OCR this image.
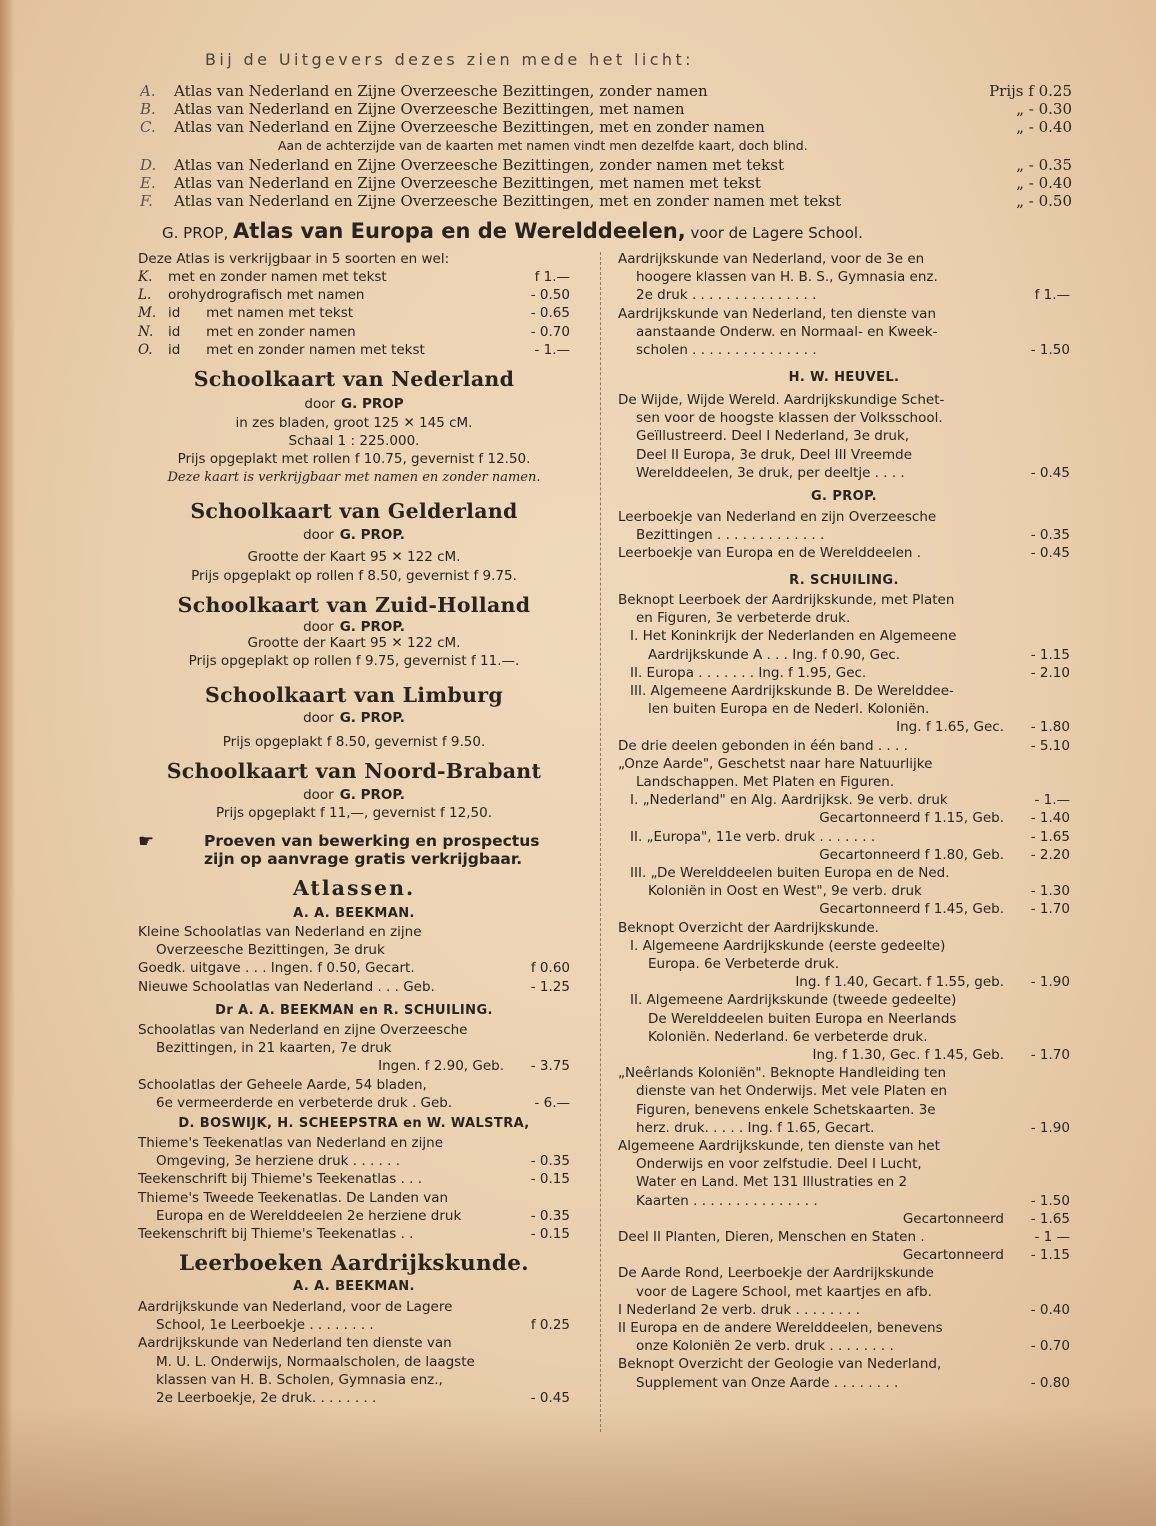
Bij de Uitgevers dezes zien mede het licht:
A. Atlas van Nederland en Zijne Overzeesche Bezittingen, zonder namen	Prijs f 0.25
B. Atlas van Nederland en Zijne Overzeesche Bezittingen, met namen	„ - 0.30
C. Atlas van Nederland en Zijne Overzeesche Bezittingen, met en zonder namen	„ - 0.40
D. Atlas van Nederland en Zijne Overzeesche Bezittingen, zonder namen met tekst	„ - 0.35
E. Atlas van Nederland en Zijne Overzeesche Bezittingen, met namen met tekst	„ - 0.40
F. Atlas van Nederland en Zijne Overzeesche Bezittingen, met en zonder namen met tekst	„ - 0.50
Aan de achterzijde van de kaarten met namen vindt men dezelfde kaart, doch blind.
G. PROP, Atlas van Europa en de Werelddeelen, voor de Lagere School.
Deze Atlas is verkrijgbaar in 5 soorten en wel:
K. met en zonder namen met tekst	f 1.—
L. orohydrografisch met namen	- 0.50
M. id      met namen met tekst	- 0.65
N. id      met en zonder namen	- 0.70
O. id      met en zonder namen met tekst	- 1.—
Schoolkaart van Nederland
door G. PROP
in zes bladen, groot 125 ✕ 145 cM.
Schaal 1 : 225.000.
Prijs opgeplakt met rollen f 10.75, gevernist f 12.50.
Deze kaart is verkrijgbaar met namen en zonder namen.
Schoolkaart van Gelderland
door G. PROP.
Grootte der Kaart 95 ✕ 122 cM.
Prijs opgeplakt op rollen f 8.50, gevernist f 9.75.
Schoolkaart van Zuid-Holland
door G. PROP.
Grootte der Kaart 95 ✕ 122 cM.
Prijs opgeplakt op rollen f 9.75, gevernist f 11.—.
Schoolkaart van Limburg
door G. PROP.
Prijs opgeplakt f 8.50, gevernist f 9.50.
Schoolkaart van Noord-Brabant
door G. PROP.
Prijs opgeplakt f 11,—, gevernist f 12,50.
☛	Proeven van bewerking en prospectus
zijn op aanvrage gratis verkrijgbaar.
Atlassen.
A. A. BEEKMAN.
Kleine Schoolatlas van Nederland en zijne
Overzeesche Bezittingen, 3e druk
Goedk. uitgave . . . Ingen. f 0.50, Gecart.	f 0.60
Nieuwe Schoolatlas van Nederland . . . Geb.	- 1.25
Dr A. A. BEEKMAN en R. SCHUILING.
Schoolatlas van Nederland en zijne Overzeesche
Bezittingen, in 21 kaarten, 7e druk
Ingen. f 2.90, Geb. - 3.75
Schoolatlas der Geheele Aarde, 54 bladen,
6e vermeerderde en verbeterde druk . Geb.	- 6.—
D. BOSWIJK, H. SCHEEPSTRA en W. WALSTRA,
Thieme's Teekenatlas van Nederland en zijne
Omgeving, 3e herziene druk . . . . . .	- 0.35
Teekenschrift bij Thieme's Teekenatlas . . .	- 0.15
Thieme's Tweede Teekenatlas. De Landen van
Europa en de Werelddeelen 2e herziene druk	- 0.35
Teekenschrift bij Thieme's Teekenatlas . .	- 0.15
Leerboeken Aardrijkskunde.
A. A. BEEKMAN.
Aardrijkskunde van Nederland, voor de Lagere
School, 1e Leerboekje . . . . . . . .	f 0.25
Aardrijkskunde van Nederland ten dienste van
M. U. L. Onderwijs, Normaalscholen, de laagste
klassen van H. B. Scholen, Gymnasia enz.,
2e Leerboekje, 2e druk. . . . . . . .	- 0.45
Aardrijkskunde van Nederland, voor de 3e en
hoogere klassen van H. B. S., Gymnasia enz.
2e druk . . . . . . . . . . . . . . .	f 1.—
Aardrijkskunde van Nederland, ten dienste van
aanstaande Onderw. en Normaal- en Kweek-
scholen . . . . . . . . . . . . . . .	- 1.50
H. W. HEUVEL.
De Wijde, Wijde Wereld. Aardrijkskundige Schet-
sen voor de hoogste klassen der Volksschool.
Geïllustreerd. Deel I Nederland, 3e druk,
Deel II Europa, 3e druk, Deel III Vreemde
Werelddeelen, 3e druk, per deeltje . . . .	- 0.45
G. PROP.
Leerboekje van Nederland en zijn Overzeesche
Bezittingen . . . . . . . . . . . . .	- 0.35
Leerboekje van Europa en de Werelddeelen .	- 0.45
R. SCHUILING.
Beknopt Leerboek der Aardrijkskunde, met Platen
en Figuren, 3e verbeterde druk.
I. Het Koninkrijk der Nederlanden en Algemeene
Aardrijkskunde A . . . Ing. f 0.90, Gec.	- 1.15
II. Europa . . . . . . . Ing. f 1.95, Gec.	- 2.10
III. Algemeene Aardrijkskunde B. De Werelddee-
len buiten Europa en de Nederl. Koloniën.
Ing. f 1.65, Gec. - 1.80
De drie deelen gebonden in één band . . . .	- 5.10
„Onze Aarde", Geschetst naar hare Natuurlijke
Landschappen. Met Platen en Figuren.
I. „Nederland" en Alg. Aardrijksk. 9e verb. druk	- 1.—
Gecartonneerd f 1.15, Geb. - 1.40
II. „Europa", 11e verb. druk . . . . . . .	- 1.65
Gecartonneerd f 1.80, Geb. - 2.20
III. „De Werelddeelen buiten Europa en de Ned.
Koloniën in Oost en West", 9e verb. druk	- 1.30
Gecartonneerd f 1.45, Geb. - 1.70
Beknopt Overzicht der Aardrijkskunde.
I. Algemeene Aardrijkskunde (eerste gedeelte)
Europa. 6e Verbeterde druk.
Ing. f 1.40, Gecart. f 1.55, geb. - 1.90
II. Algemeene Aardrijkskunde (tweede gedeelte)
De Werelddeelen buiten Europa en Neerlands
Koloniën. Nederland. 6e verbeterde druk.
Ing. f 1.30, Gec. f 1.45, Geb. - 1.70
„Neêrlands Koloniën". Beknopte Handleiding ten
dienste van het Onderwijs. Met vele Platen en
Figuren, benevens enkele Schetskaarten. 3e
herz. druk. . . . . Ing. f 1.65, Gecart.	- 1.90
Algemeene Aardrijkskunde, ten dienste van het
Onderwijs en voor zelfstudie. Deel I Lucht,
Water en Land. Met 131 Illustraties en 2
Kaarten . . . . . . . . . . . . . . .	- 1.50
Gecartonneerd - 1.65
Deel II Planten, Dieren, Menschen en Staten .	- 1 —
Gecartonneerd - 1.15
De Aarde Rond, Leerboekje der Aardrijkskunde
voor de Lagere School, met kaartjes en afb.
I Nederland 2e verb. druk . . . . . . . .	- 0.40
II Europa en de andere Werelddeelen, benevens
onze Koloniën 2e verb. druk . . . . . . . .	- 0.70
Beknopt Overzicht der Geologie van Nederland,
Supplement van Onze Aarde . . . . . . . .	- 0.80
